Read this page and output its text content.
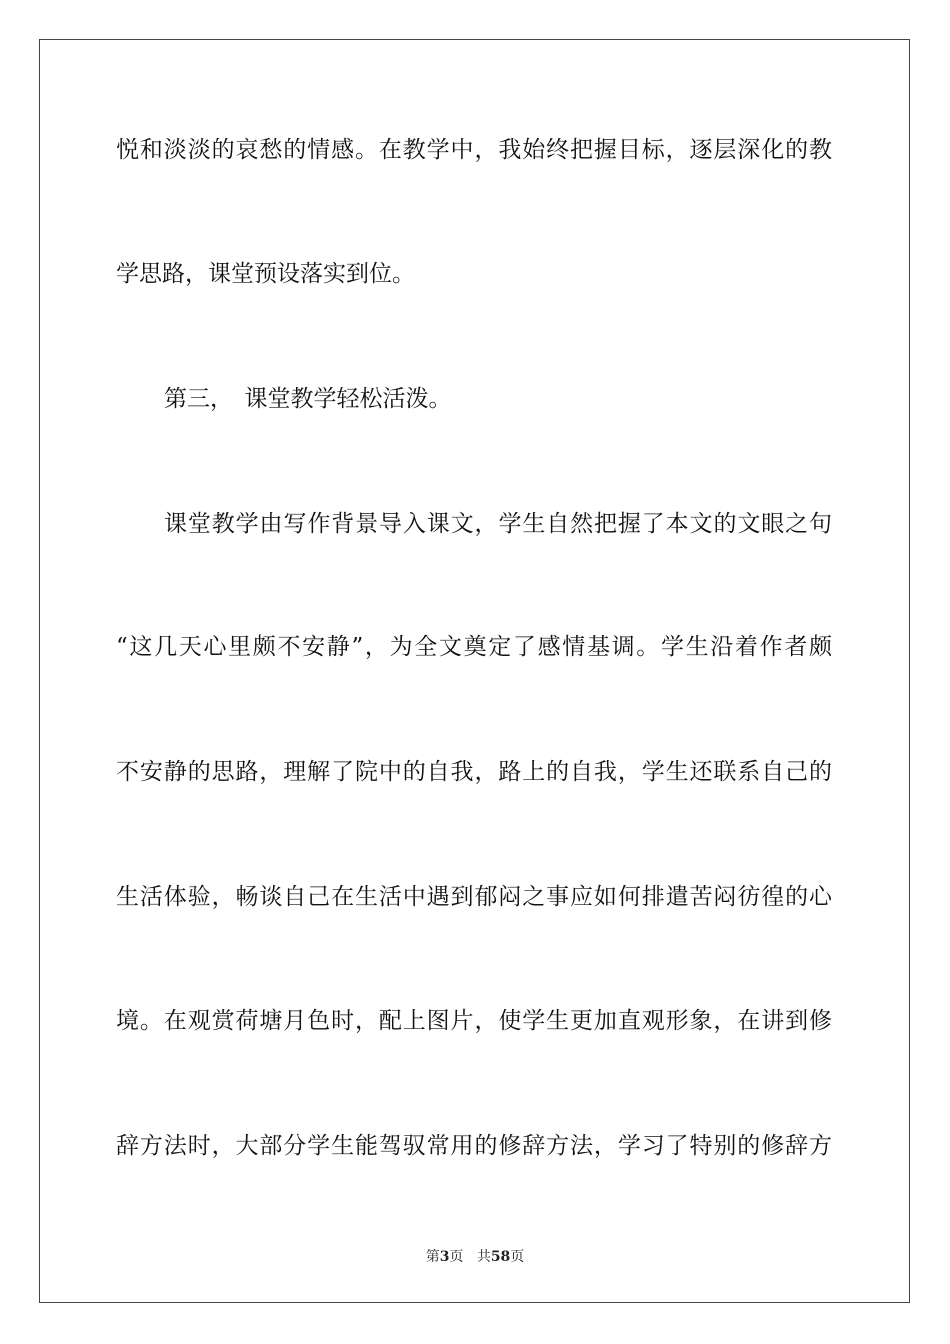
悦和淡淡的哀愁的情感。在教学中，我始终把握目标，逐层深化的教
学思路，课堂预设落实到位。
第三，　课堂教学轻松活泼。
课堂教学由写作背景导入课文，学生自然把握了本文的文眼之句
“这几天心里颇不安静”，为全文奠定了感情基调。学生沿着作者颇
不安静的思路，理解了院中的自我，路上的自我，学生还联系自己的
生活体验，畅谈自己在生活中遇到郁闷之事应如何排遣苦闷彷徨的心
境。在观赏荷塘月色时，配上图片，使学生更加直观形象，在讲到修
辞方法时，大部分学生能驾驭常用的修辞方法，学习了特别的修辞方
第3页 共58页
